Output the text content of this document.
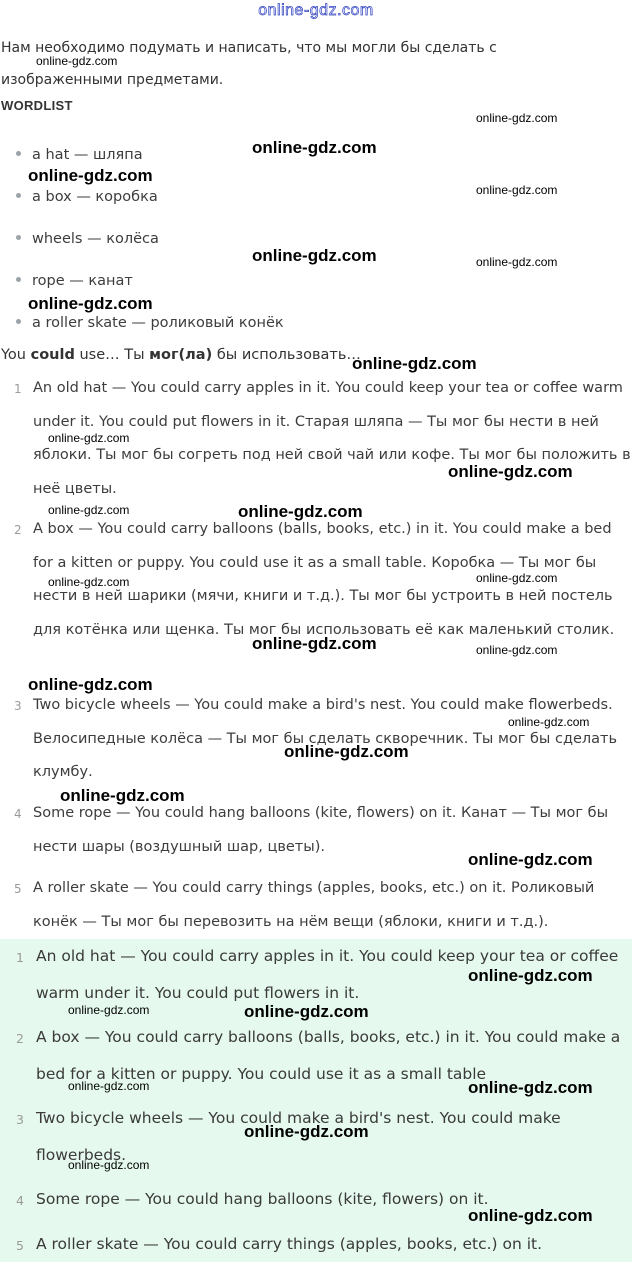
online-gdz.com
Нам необходимо подумать и написать, что мы могли бы сделать с изображенными предметами.
WORDLIST
a hat — шляпа
a box — коробка
wheels — колёса
rope — канат
a roller skate — роликовый конёк
You could use… Ты мог(ла) бы использовать…
1 An old hat — You could carry apples in it. You could keep your tea or coffee warm under it. You could put flowers in it. Старая шляпа — Ты мог бы нести в ней яблоки. Ты мог бы согреть под ней свой чай или кофе. Ты мог бы положить в неё цветы.
2 A box — You could carry balloons (balls, books, etc.) in it. You could make a bed for a kitten or puppy. You could use it as a small table. Коробка — Ты мог бы нести в ней шарики (мячи, книги и т.д.). Ты мог бы устроить в ней постель для котёнка или щенка. Ты мог бы использовать её как маленький столик.
3 Two bicycle wheels — You could make a bird's nest. You could make flowerbeds. Велосипедные колёса — Ты мог бы сделать скворечник. Ты мог бы сделать клумбу.
4 Some rope — You could hang balloons (kite, flowers) on it. Канат — Ты мог бы нести шары (воздушный шар, цветы).
5 A roller skate — You could carry things (apples, books, etc.) on it. Роликовый конёк — Ты мог бы перевозить на нём вещи (яблоки, книги и т.д.).
1 An old hat — You could carry apples in it. You could keep your tea or coffee warm under it. You could put flowers in it.
2 A box — You could carry balloons (balls, books, etc.) in it. You could make a bed for a kitten or puppy. You could use it as a small table
3 Two bicycle wheels — You could make a bird's nest. You could make flowerbeds.
4 Some rope — You could hang balloons (kite, flowers) on it.
5 A roller skate — You could carry things (apples, books, etc.) on it.
online-gdz.com
online-gdz.com
online-gdz.com
online-gdz.com
online-gdz.com
online-gdz.com	online-gdz.com
online-gdz.com
online-gdz.com
online-gdz.com
online-gdz.com
online-gdz.com	online-gdz.com
online-gdz.com	online-gdz.com
online-gdz.com	online-gdz.com
online-gdz.com
online-gdz.com
online-gdz.com
online-gdz.com
online-gdz.com
online-gdz.com
online-gdz.com	online-gdz.com
online-gdz.com	online-gdz.com
online-gdz.com
online-gdz.com
online-gdz.com
